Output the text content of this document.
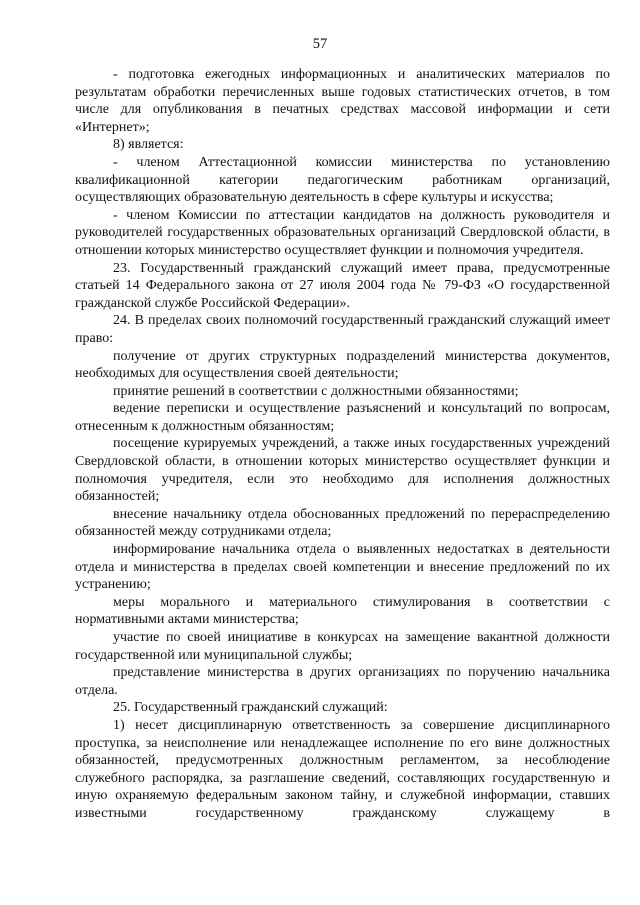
57

- подготовка ежегодных информационных и аналитических материалов по результатам обработки перечисленных выше годовых статистических отчетов, в том числе для опубликования в печатных средствах массовой информации и сети «Интернет»;

8) является:

- членом Аттестационной комиссии министерства по установлению квалификационной категории педагогическим работникам организаций, осуществляющих образовательную деятельность в сфере культуры и искусства;

- членом Комиссии по аттестации кандидатов на должность руководителя и руководителей государственных образовательных организаций Свердловской области, в отношении которых министерство осуществляет функции и полномочия учредителя.

23. Государственный гражданский служащий имеет права, предусмотренные статьей 14 Федерального закона от 27 июля 2004 года № 79-ФЗ «О государственной гражданской службе Российской Федерации».

24. В пределах своих полномочий государственный гражданский служащий имеет право:

получение от других структурных подразделений министерства документов, необходимых для осуществления своей деятельности;

принятие решений в соответствии с должностными обязанностями;

ведение переписки и осуществление разъяснений и консультаций по вопросам, отнесенным к должностным обязанностям;

посещение курируемых учреждений, а также иных государственных учреждений Свердловской области, в отношении которых министерство осуществляет функции и полномочия учредителя, если это необходимо для исполнения должностных обязанностей;

внесение начальнику отдела обоснованных предложений по перераспределению обязанностей между сотрудниками отдела;

информирование начальника отдела о выявленных недостатках в деятельности отдела и министерства в пределах своей компетенции и внесение предложений по их устранению;

меры морального и материального стимулирования в соответствии с нормативными актами министерства;

участие по своей инициативе в конкурсах на замещение вакантной должности государственной или муниципальной службы;

представление министерства в других организациях по поручению начальника отдела.

25. Государственный гражданский служащий:

1) несет дисциплинарную ответственность за совершение дисциплинарного проступка, за неисполнение или ненадлежащее исполнение по его вине должностных обязанностей, предусмотренных должностным регламентом, за несоблюдение служебного распорядка, за разглашение сведений, составляющих государственную и иную охраняемую федеральным законом тайну, и служебной информации, ставших известными государственному гражданскому служащему в
